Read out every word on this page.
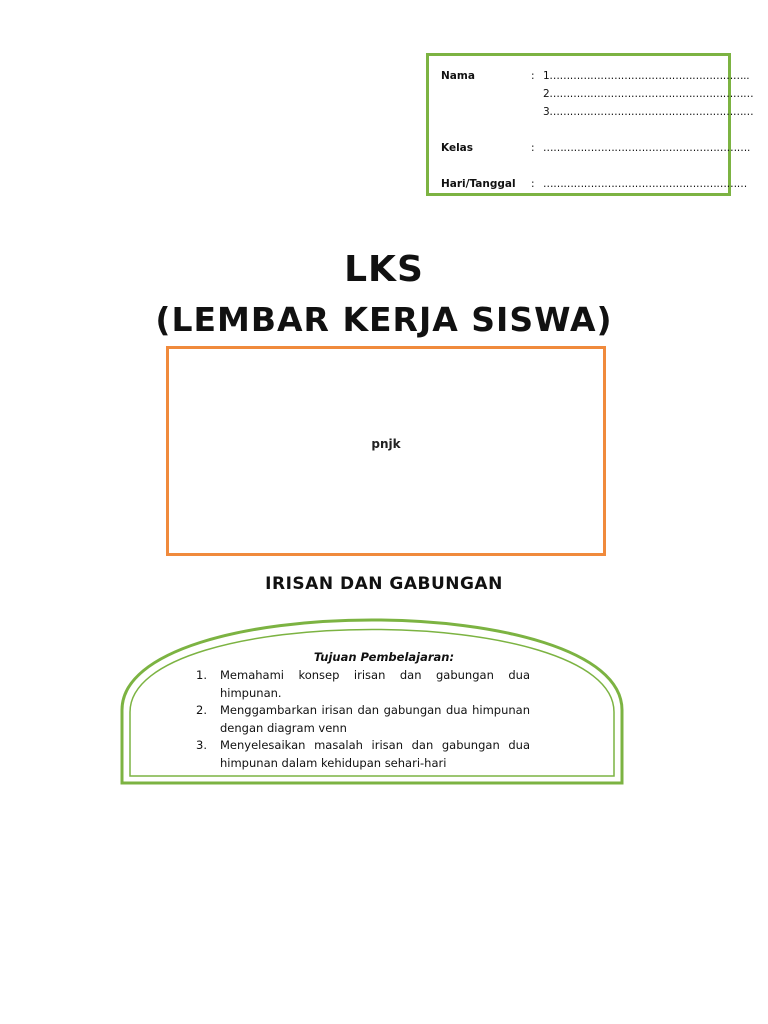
Nama	: 1…………………………………………………..
2……………………………………………………
3……………………………………………………
Kelas	: …………………………………………………….
Hari/Tanggal : ……………………………………………………
LKS
(LEMBAR KERJA SISWA)
pnjk
IRISAN DAN GABUNGAN
Tujuan Pembelajaran:
1. Memahami konsep irisan dan gabungan dua himpunan.
2. Menggambarkan irisan dan gabungan dua himpunan dengan diagram venn
3. Menyelesaikan masalah irisan dan gabungan dua himpunan dalam kehidupan sehari-hari
